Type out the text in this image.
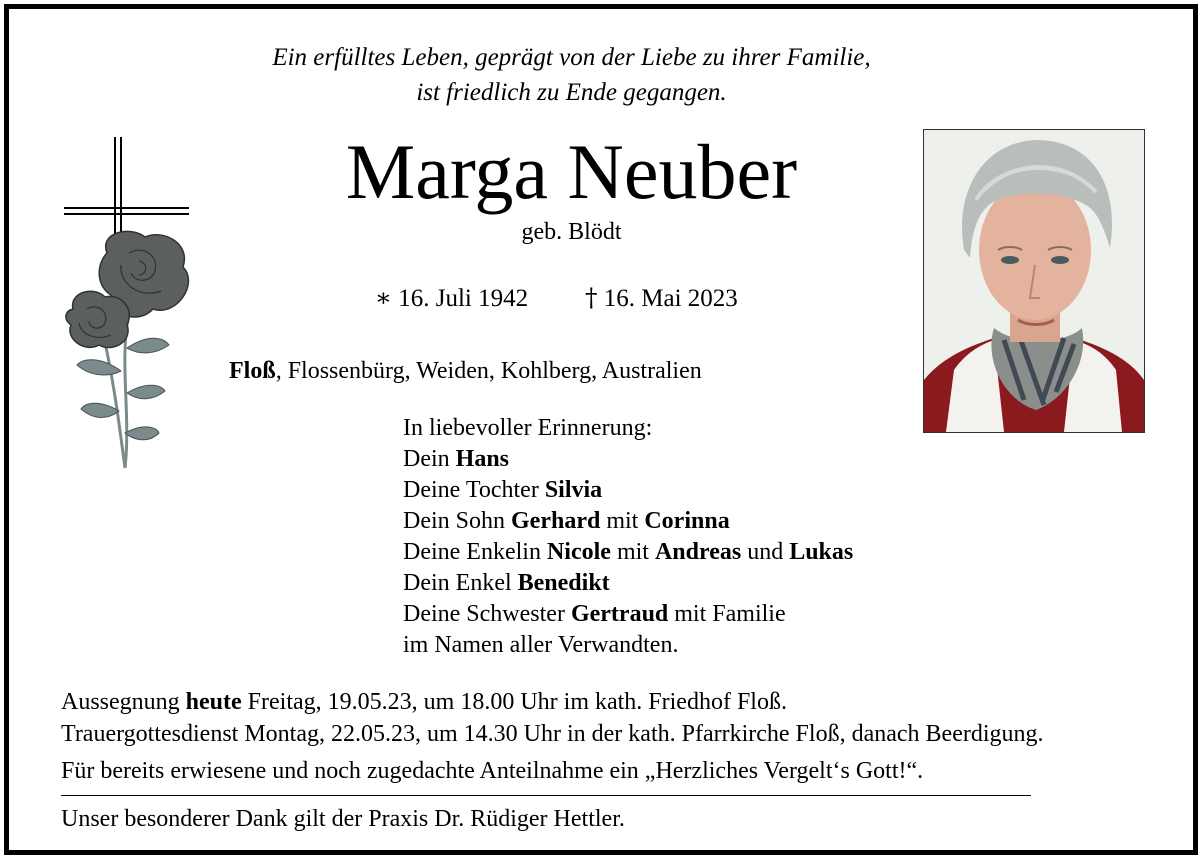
Ein erfülltes Leben, geprägt von der Liebe zu ihrer Familie,
ist friedlich zu Ende gegangen.
Marga Neuber
geb. Blödt
∗ 16. Juli 1942 † 16. Mai 2023
Floß, Flossenbürg, Weiden, Kohlberg, Australien
In liebevoller Erinnerung:
Dein Hans
Deine Tochter Silvia
Dein Sohn Gerhard mit Corinna
Deine Enkelin Nicole mit Andreas und Lukas
Dein Enkel Benedikt
Deine Schwester Gertraud mit Familie
im Namen aller Verwandten.
Aussegnung heute Freitag, 19.05.23, um 18.00 Uhr im kath. Friedhof Floß.
Trauergottesdienst Montag, 22.05.23, um 14.30 Uhr in der kath. Pfarrkirche Floß, danach Beerdigung.
Für bereits erwiesene und noch zugedachte Anteilnahme ein „Herzliches Vergelt‘s Gott!“.
Unser besonderer Dank gilt der Praxis Dr. Rüdiger Hettler.
